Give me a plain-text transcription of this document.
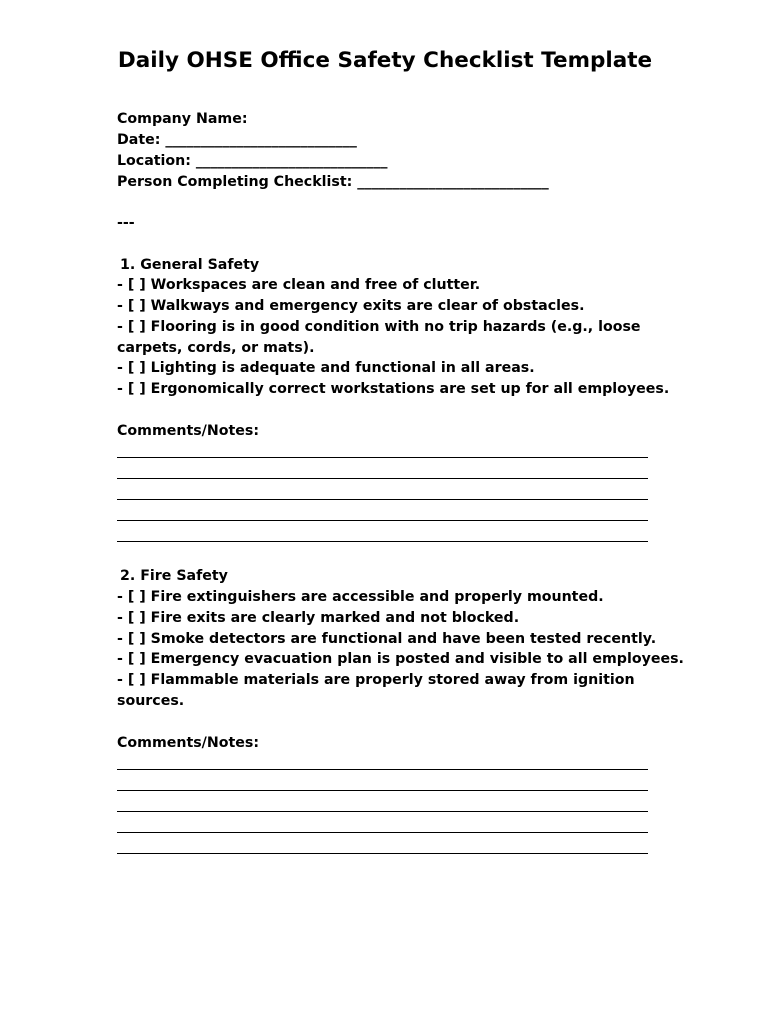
Daily OHSE Office Safety Checklist Template

Company Name:

Date: ___________________________

Location: ___________________________

Person Completing Checklist: ___________________________

---

1. General Safety

- [ ] Workspaces are clean and free of clutter.

- [ ] Walkways and emergency exits are clear of obstacles.

- [ ] Flooring is in good condition with no trip hazards (e.g., loose

carpets, cords, or mats).

- [ ] Lighting is adequate and functional in all areas.

- [ ] Ergonomically correct workstations are set up for all employees.

Comments/Notes:

2. Fire Safety

- [ ] Fire extinguishers are accessible and properly mounted.

- [ ] Fire exits are clearly marked and not blocked.

- [ ] Smoke detectors are functional and have been tested recently.

- [ ] Emergency evacuation plan is posted and visible to all employees.

- [ ] Flammable materials are properly stored away from ignition

sources.

Comments/Notes:
